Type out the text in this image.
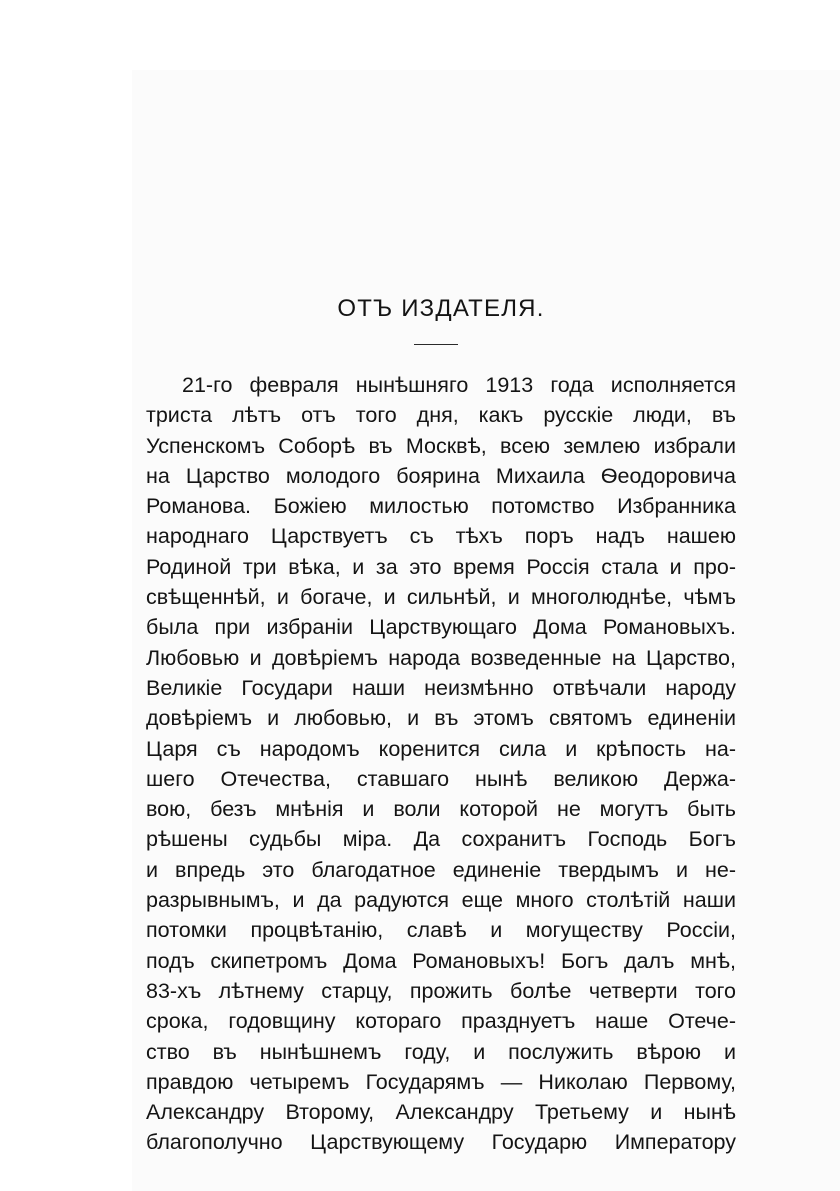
ОТЪ ИЗДАТЕЛЯ.
21-го февраля нынѣшняго 1913 года исполняется
триста лѣтъ отъ того дня, какъ русскіе люди, въ
Успенскомъ Соборѣ въ Москвѣ, всею землею избрали
на Царство молодого боярина Михаила Ѳеодоровича
Романова. Божіею милостью потомство Избранника
народнаго Царствуетъ съ тѣхъ поръ надъ нашею
Родиной три вѣка, и за это время Россія стала и про-
свѣщеннѣй, и богаче, и сильнѣй, и многолюднѣе, чѣмъ
была при избраніи Царствующаго Дома Романовыхъ.
Любовью и довѣріемъ народа возведенные на Царство,
Великіе Государи наши неизмѣнно отвѣчали народу
довѣріемъ и любовью, и въ этомъ святомъ единеніи
Царя съ народомъ коренится сила и крѣпость на-
шего Отечества, ставшаго нынѣ великою Держа-
вою, безъ мнѣнія и воли которой не могутъ быть
рѣшены судьбы міра. Да сохранитъ Господь Богъ
и впредь это благодатное единеніе твердымъ и не-
разрывнымъ, и да радуются еще много столѣтій наши
потомки процвѣтанію, славѣ и могуществу Россіи,
подъ скипетромъ Дома Романовыхъ! Богъ далъ мнѣ,
83-хъ лѣтнему старцу, прожить болѣе четверти того
срока, годовщину котораго празднуетъ наше Отече-
ство въ нынѣшнемъ году, и послужить вѣрою и
правдою четыремъ Государямъ — Николаю Первому,
Александру Второму, Александру Третьему и нынѣ
благополучно Царствующему Государю Императору
